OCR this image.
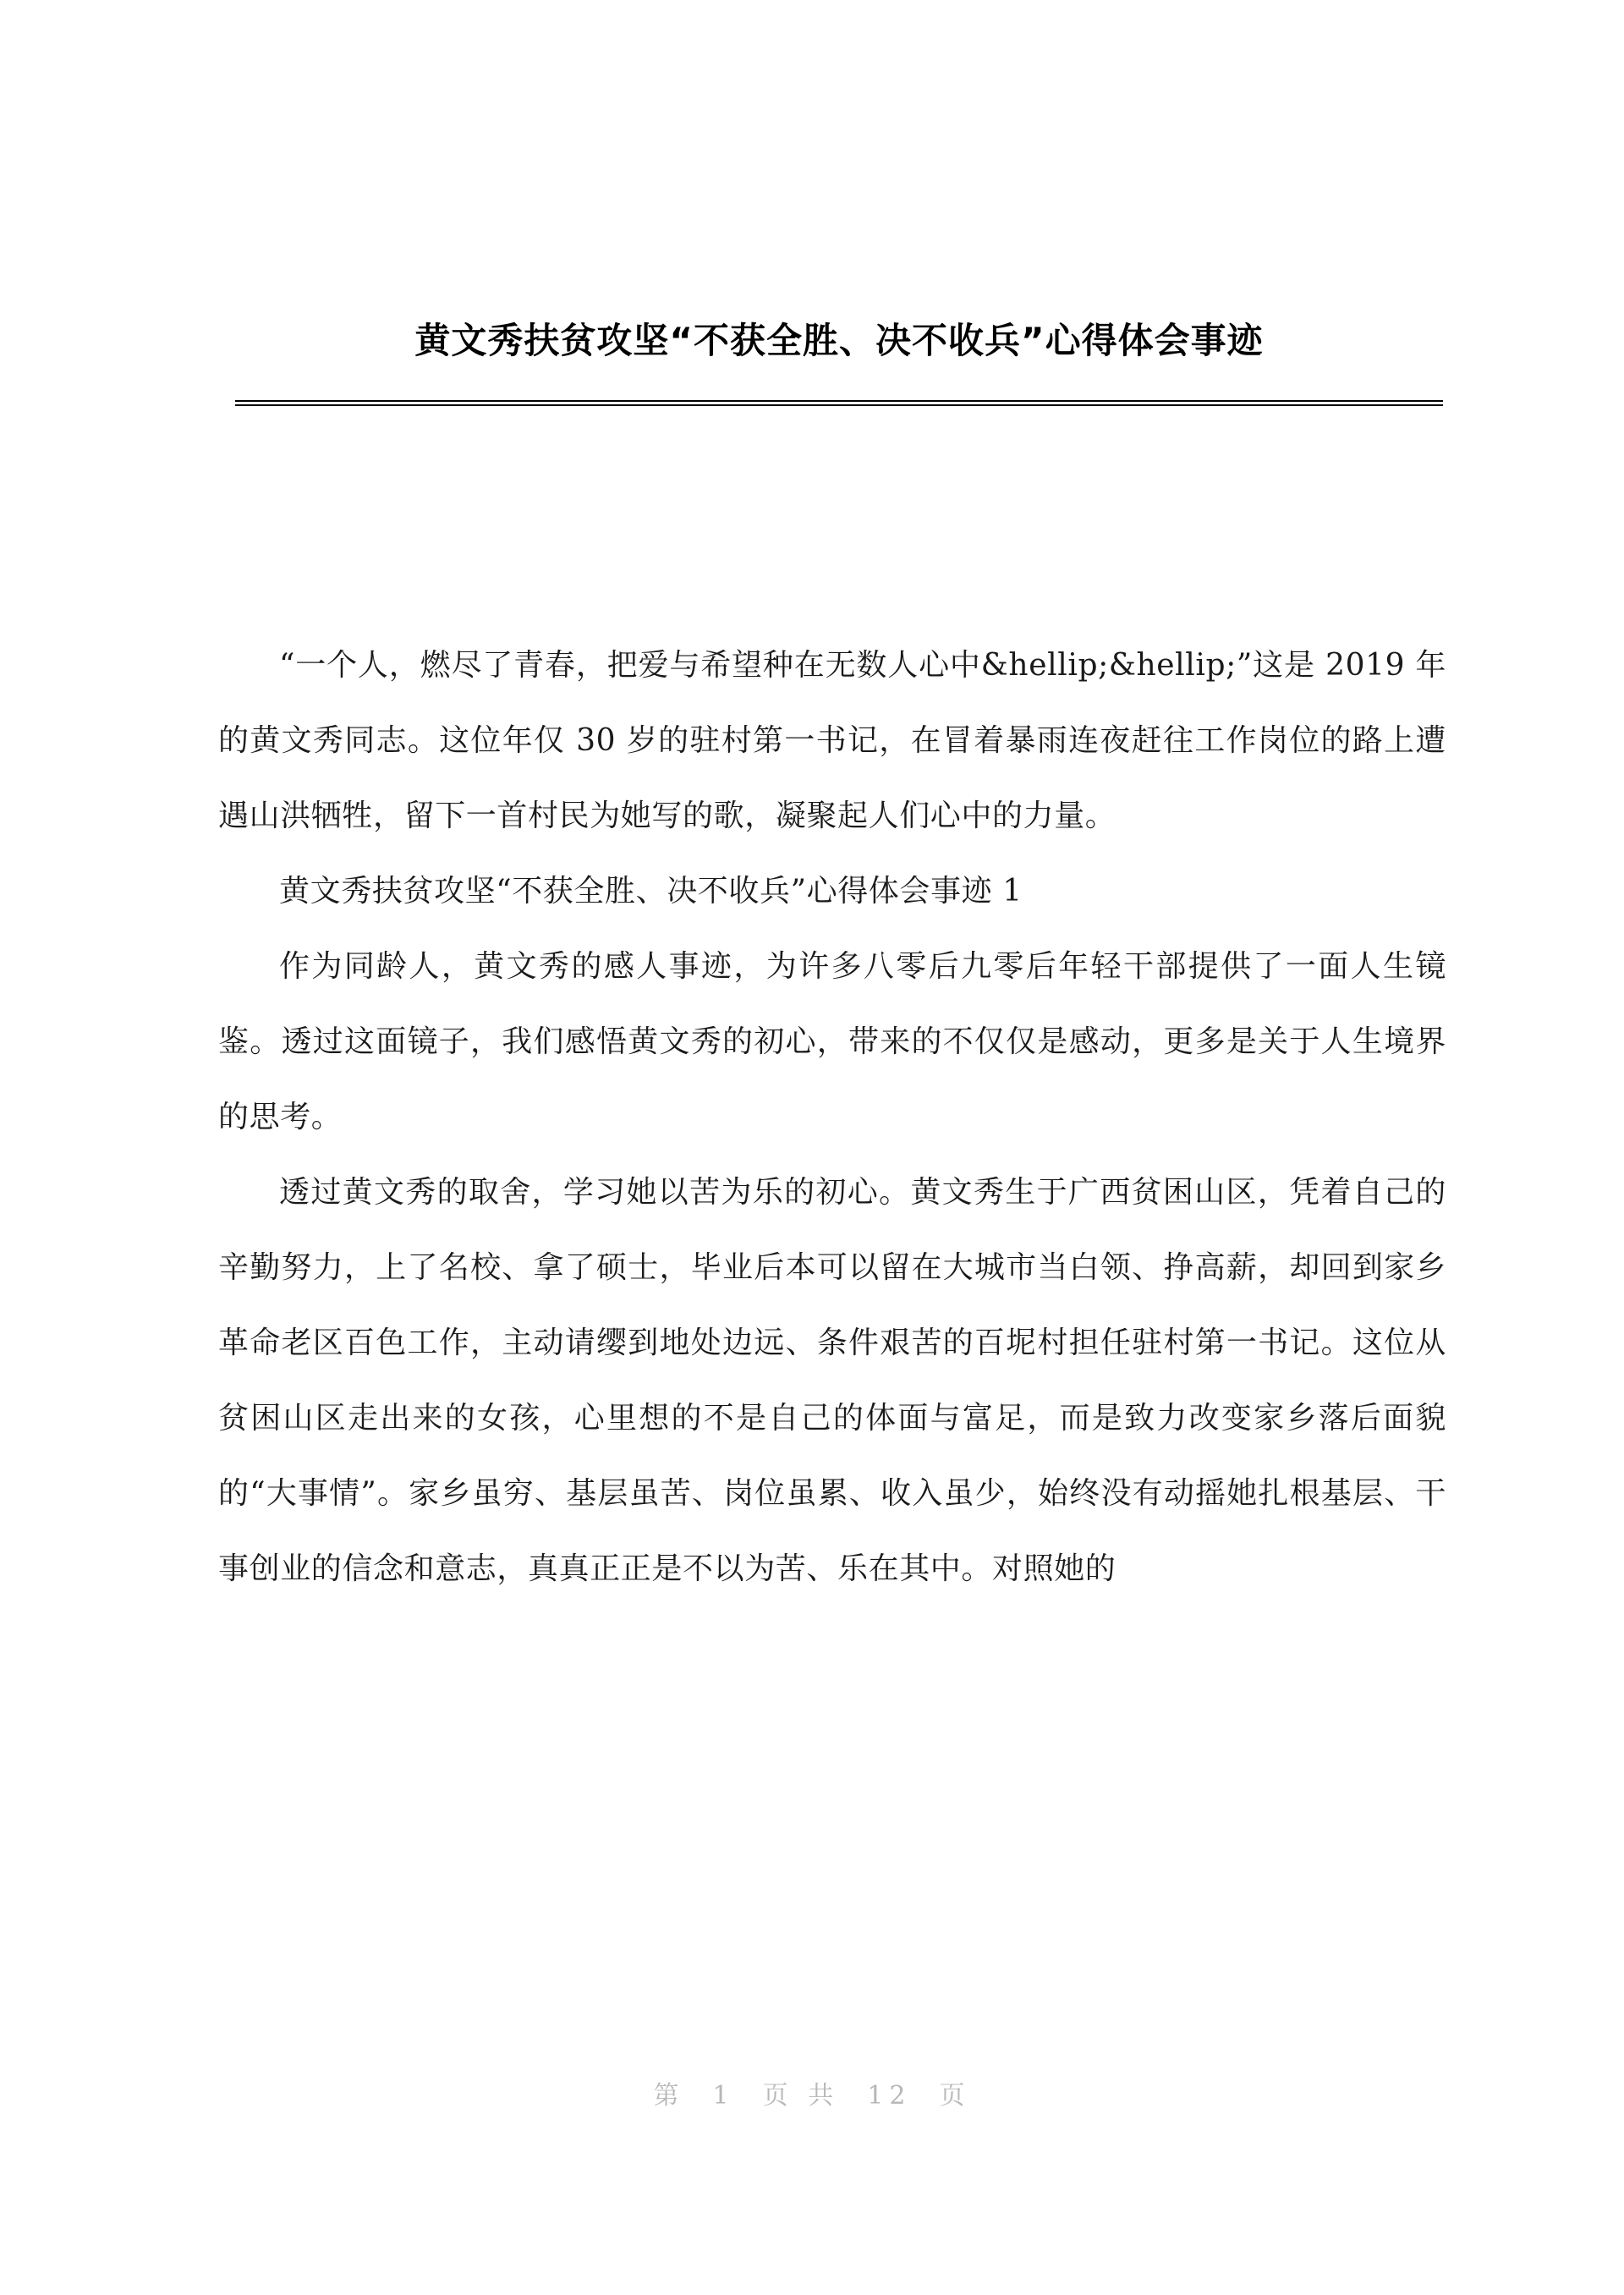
黄文秀扶贫攻坚“不获全胜、决不收兵”心得体会事迹

“一个人，燃尽了青春，把爱与希望种在无数人心中&hellip;&hellip;”这是 2019 年的黄文秀同志。这位年仅 30 岁的驻村第一书记，在冒着暴雨连夜赶往工作岗位的路上遭遇山洪牺牲，留下一首村民为她写的歌，凝聚起人们心中的力量。

黄文秀扶贫攻坚“不获全胜、决不收兵”心得体会事迹 1

作为同龄人，黄文秀的感人事迹，为许多八零后九零后年轻干部提供了一面人生镜鉴。透过这面镜子，我们感悟黄文秀的初心，带来的不仅仅是感动，更多是关于人生境界的思考。

透过黄文秀的取舍，学习她以苦为乐的初心。黄文秀生于广西贫困山区，凭着自己的辛勤努力，上了名校、拿了硕士，毕业后本可以留在大城市当白领、挣高薪，却回到家乡革命老区百色工作，主动请缨到地处边远、条件艰苦的百坭村担任驻村第一书记。这位从贫困山区走出来的女孩，心里想的不是自己的体面与富足，而是致力改变家乡落后面貌的“大事情”。家乡虽穷、基层虽苦、岗位虽累、收入虽少，始终没有动摇她扎根基层、干事创业的信念和意志，真真正正是不以为苦、乐在其中。对照她的

第  1  页 共  12  页
